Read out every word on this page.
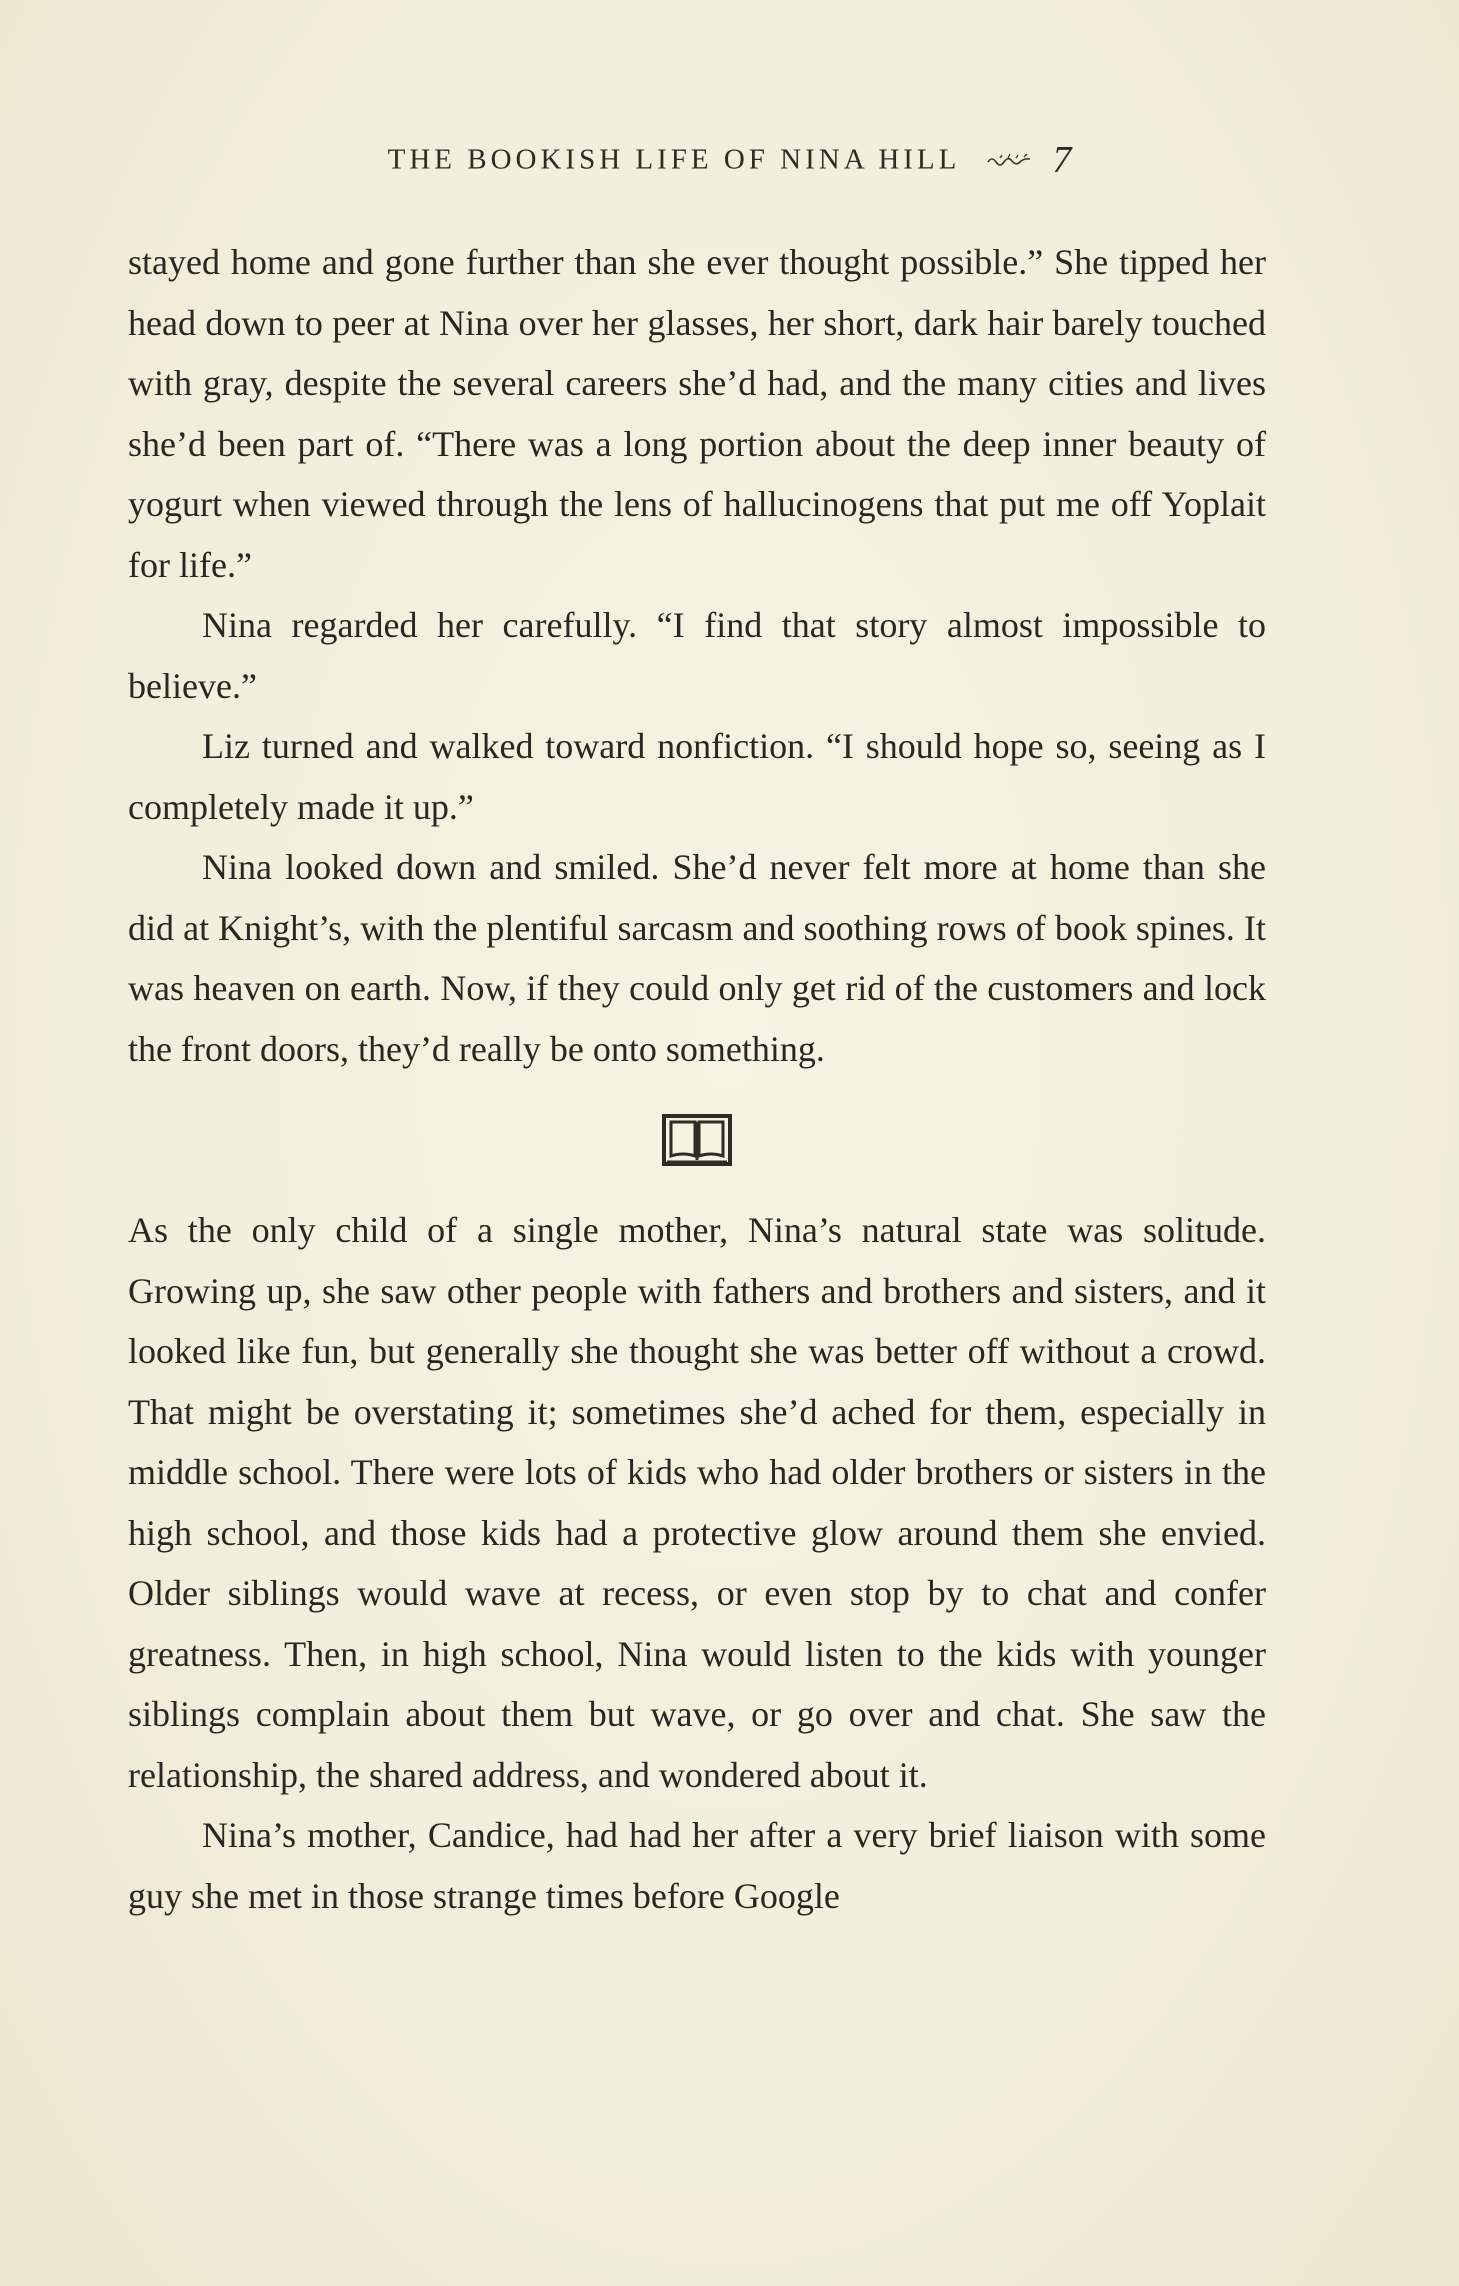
THE BOOKISH LIFE OF NINA HILL 7

stayed home and gone further than she ever thought possible.” She tipped her head down to peer at Nina over her glasses, her short, dark hair barely touched with gray, despite the several careers she’d had, and the many cities and lives she’d been part of. “There was a long portion about the deep inner beauty of yogurt when viewed through the lens of hallucinogens that put me off Yoplait for life.”

Nina regarded her carefully. “I find that story almost impossible to believe.”

Liz turned and walked toward nonfiction. “I should hope so, seeing as I completely made it up.”

Nina looked down and smiled. She’d never felt more at home than she did at Knight’s, with the plentiful sarcasm and soothing rows of book spines. It was heaven on earth. Now, if they could only get rid of the customers and lock the front doors, they’d really be onto something.

As the only child of a single mother, Nina’s natural state was solitude. Growing up, she saw other people with fathers and brothers and sisters, and it looked like fun, but generally she thought she was better off without a crowd. That might be overstating it; sometimes she’d ached for them, especially in middle school. There were lots of kids who had older brothers or sisters in the high school, and those kids had a protective glow around them she envied. Older siblings would wave at recess, or even stop by to chat and confer greatness. Then, in high school, Nina would listen to the kids with younger siblings complain about them but wave, or go over and chat. She saw the relationship, the shared address, and wondered about it.

Nina’s mother, Candice, had had her after a very brief liaison with some guy she met in those strange times before Google
